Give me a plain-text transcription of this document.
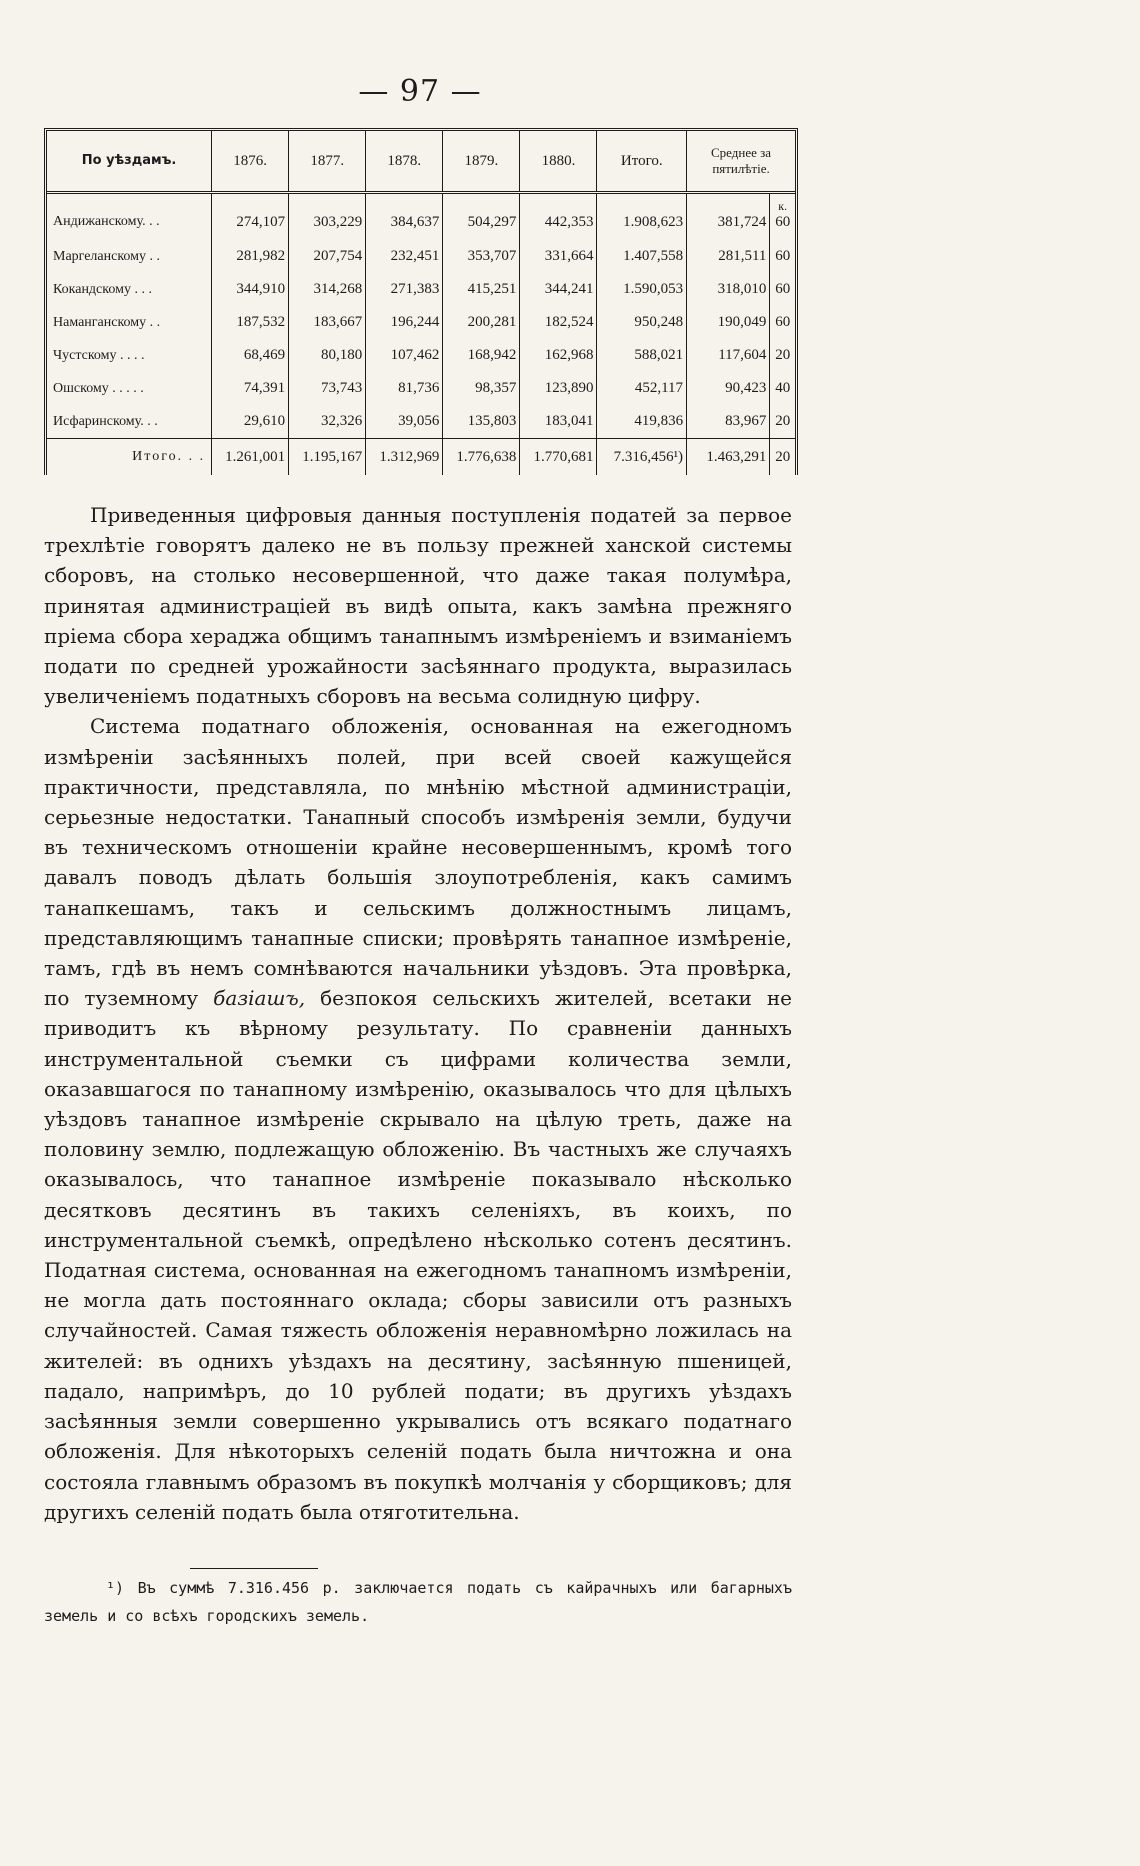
— 97 —
По уѣздамъ.	1876.	1877.	1878.	1879.	1880.	Итого.	Среднее за пятилѣтіе.	
								к.
Андижанскому. . .	274,107	303,229	384,637	504,297	442,353	1.908,623	381,724	60
Маргеланскому . .	281,982	207,754	232,451	353,707	331,664	1.407,558	281,511	60
Кокандскому . . .	344,910	314,268	271,383	415,251	344,241	1.590,053	318,010	60
Наманганскому . .	187,532	183,667	196,244	200,281	182,524	950,248	190,049	60
Чустскому . . . .	68,469	80,180	107,462	168,942	162,968	588,021	117,604	20
Ошскому . . . . .	74,391	73,743	81,736	98,357	123,890	452,117	90,423	40
Исфаринскому. . .	29,610	32,326	39,056	135,803	183,041	419,836	83,967	20
Итого. . .	1.261,001	1.195,167	1.312,969	1.776,638	1.770,681	7.316,456¹)	1.463,291	20

Приведенныя цифровыя данныя поступленія податей за первое трехлѣтіе говорятъ далеко не въ пользу прежней ханской системы сборовъ, на столько несовершенной, что даже такая полумѣра, принятая администраціей въ видѣ опыта, какъ замѣна прежняго пріема сбора хераджа общимъ танапнымъ измѣреніемъ и взиманіемъ подати по средней урожайности засѣяннаго продукта, выразилась увеличеніемъ податныхъ сборовъ на весьма солидную цифру.

Система податнаго обложенія, основанная на ежегодномъ измѣреніи засѣянныхъ полей, при всей своей кажущейся практичности, представляла, по мнѣнію мѣстной администраціи, серьезные недостатки. Танапный способъ измѣренія земли, будучи въ техническомъ отношеніи крайне несовершеннымъ, кромѣ того давалъ поводъ дѣлать большія злоупотребленія, какъ самимъ танапкешамъ, такъ и сельскимъ должностнымъ лицамъ, представляющимъ танапные списки; провѣрять танапное измѣреніе, тамъ, гдѣ въ немъ сомнѣваются начальники уѣздовъ. Эта провѣрка, по туземному базіашъ, безпокоя сельскихъ жителей, всетаки не приводитъ къ вѣрному результату. По сравненіи данныхъ инструментальной съемки съ цифрами количества земли, оказавшагося по танапному измѣренію, оказывалось что для цѣлыхъ уѣздовъ танапное измѣреніе скрывало на цѣлую треть, даже на половину землю, подлежащую обложенію. Въ частныхъ же случаяхъ оказывалось, что танапное измѣреніе показывало нѣсколько десятковъ десятинъ въ такихъ селеніяхъ, въ коихъ, по инструментальной съемкѣ, опредѣлено нѣсколько сотенъ десятинъ. Податная система, основанная на ежегодномъ танапномъ измѣреніи, не могла дать постояннаго оклада; сборы зависили отъ разныхъ случайностей. Самая тяжесть обложенія неравномѣрно ложилась на жителей: въ однихъ уѣздахъ на десятину, засѣянную пшеницей, падало, напримѣръ, до 10 рублей подати; въ другихъ уѣздахъ засѣянныя земли совершенно укрывались отъ всякаго податнаго обложенія. Для нѣкоторыхъ селеній подать была ничтожна и она состояла главнымъ образомъ въ покупкѣ молчанія у сборщиковъ; для другихъ селеній подать была отяготительна.

¹) Въ суммѣ 7.316.456 р. заключается подать съ кайрачныхъ или багарныхъ земель и со всѣхъ городскихъ земель.
